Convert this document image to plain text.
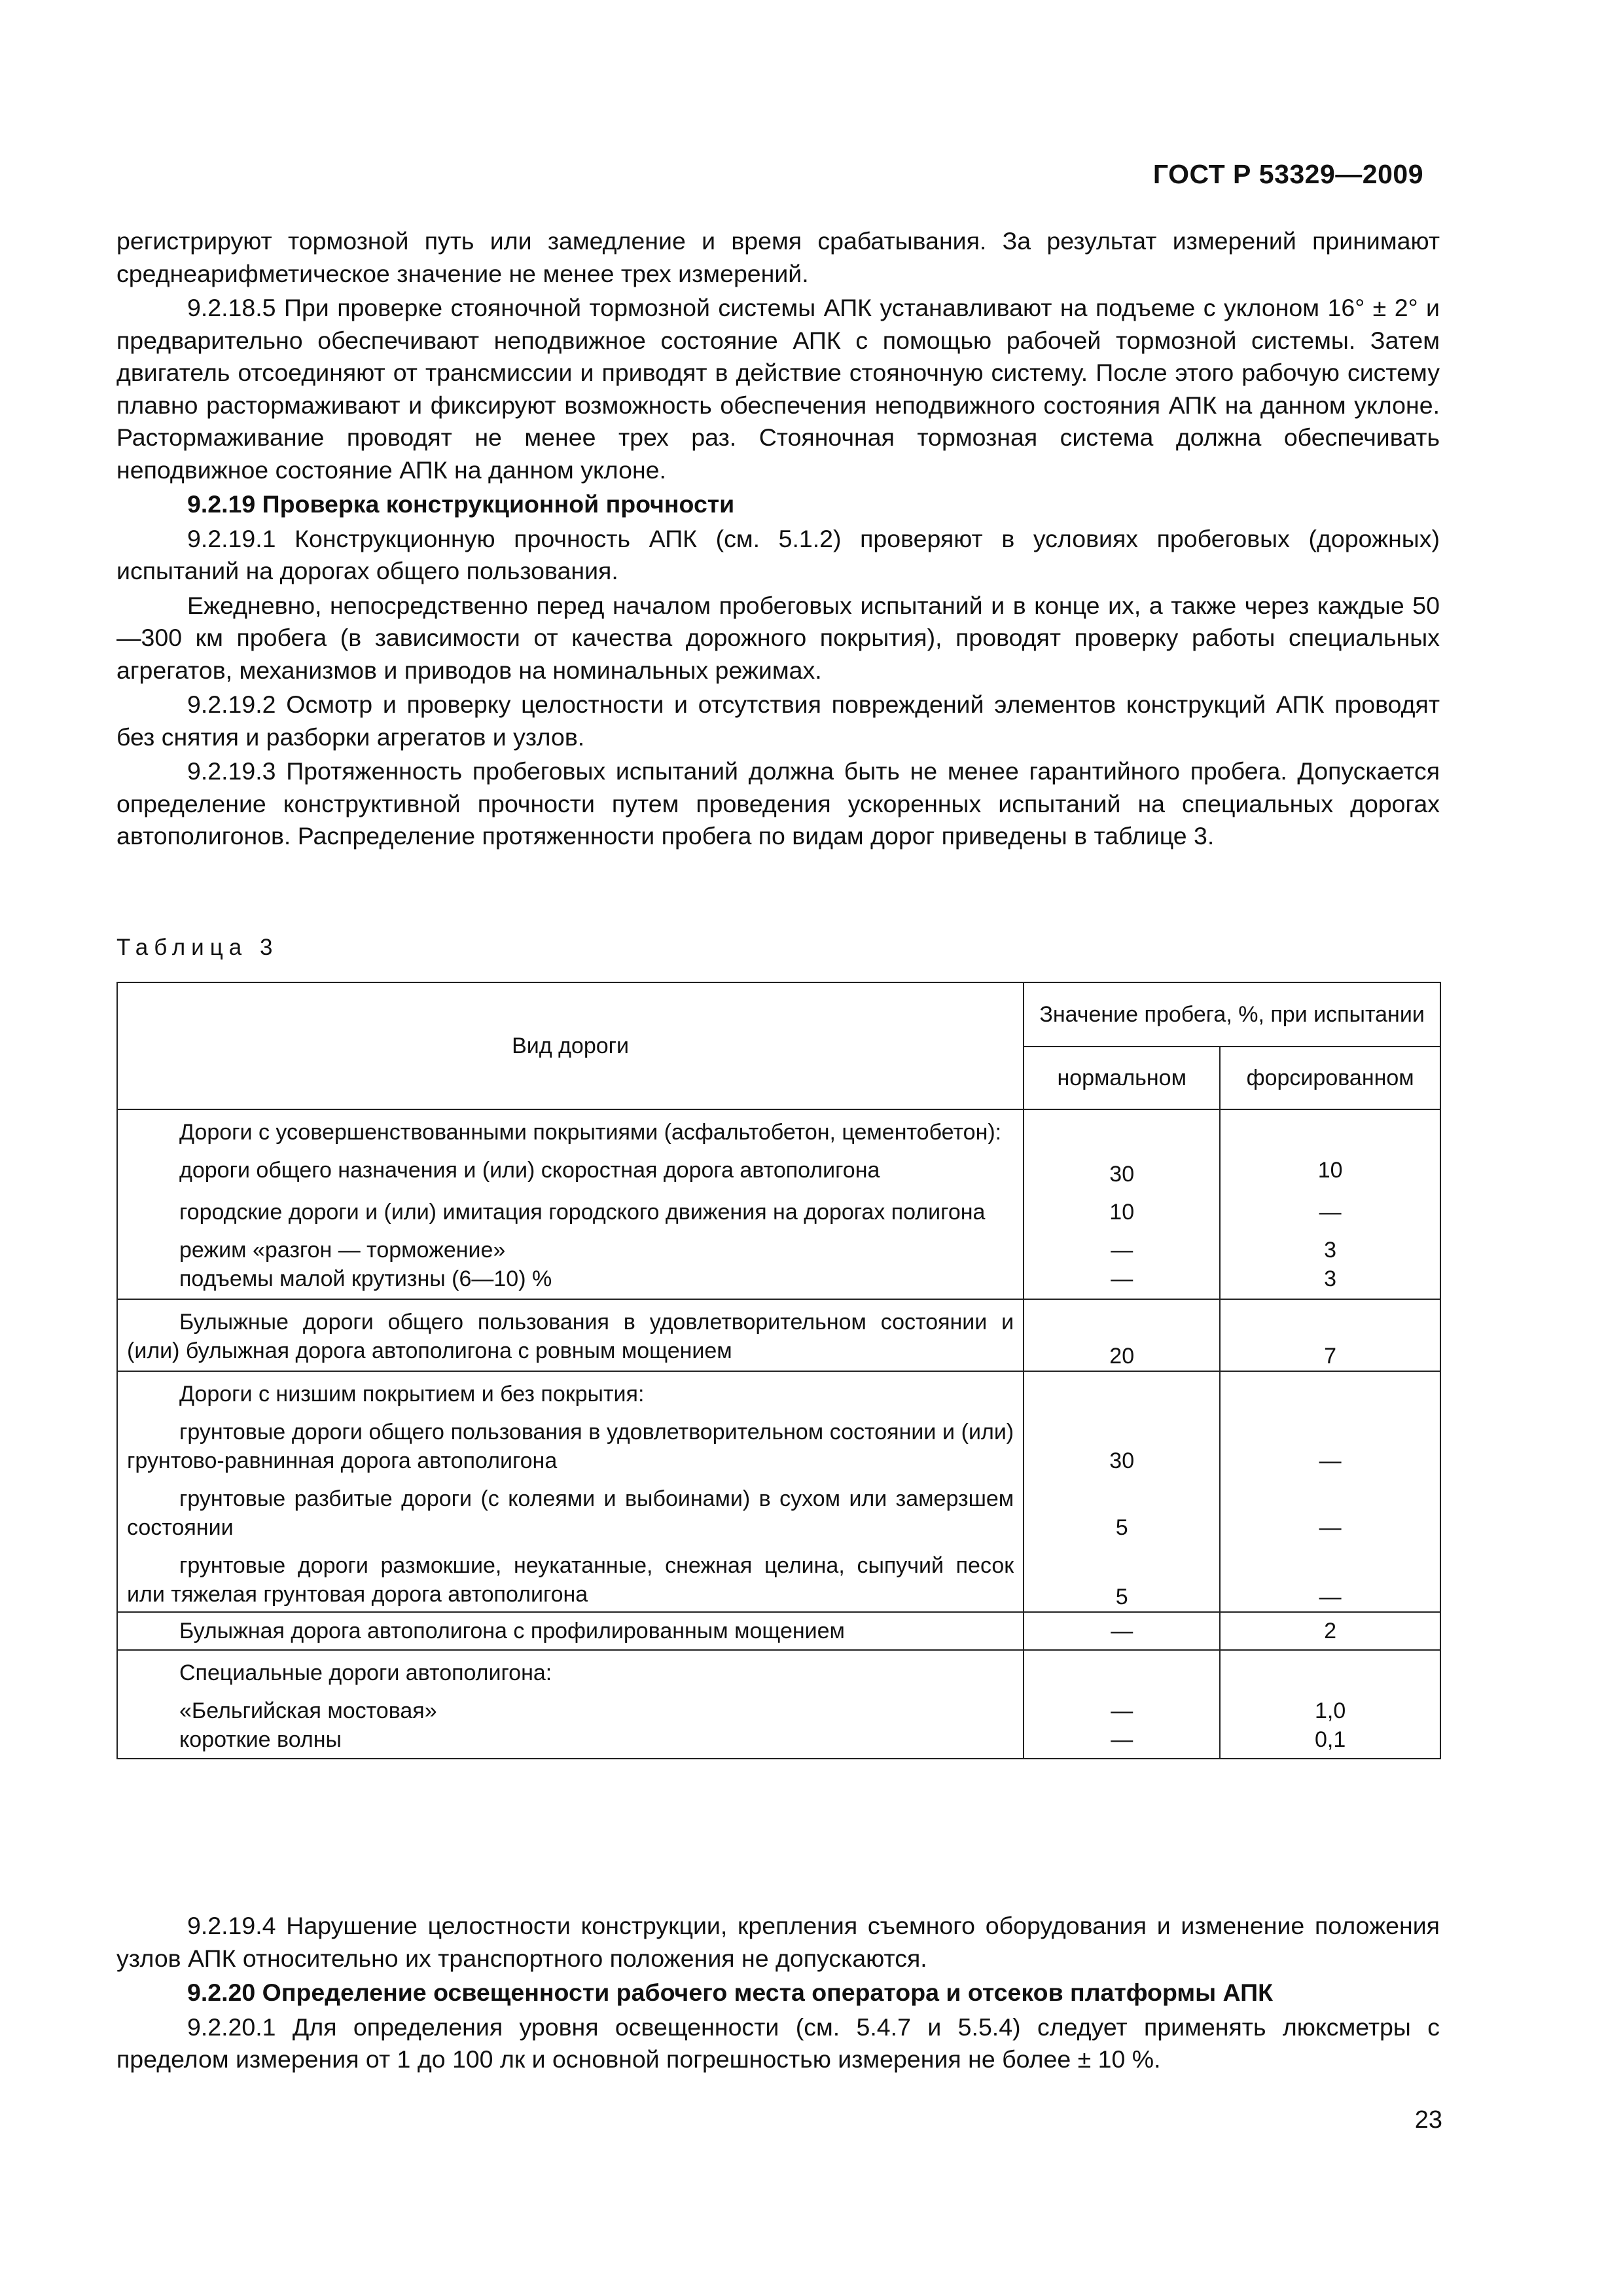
ГОСТ Р 53329—2009

регистрируют тормозной путь или замедление и время срабатывания. За результат измерений принимают среднеарифметическое значение не менее трех измерений.

9.2.18.5 При проверке стояночной тормозной системы АПК устанавливают на подъеме с уклоном 16° ± 2° и предварительно обеспечивают неподвижное состояние АПК с помощью рабочей тормозной системы. Затем двигатель отсоединяют от трансмиссии и приводят в действие стояночную систему. После этого рабочую систему плавно растормаживают и фиксируют возможность обеспечения неподвижного состояния АПК на данном уклоне. Растормаживание проводят не менее трех раз. Стояночная тормозная система должна обеспечивать неподвижное состояние АПК на данном уклоне.

9.2.19 Проверка конструкционной прочности

9.2.19.1 Конструкционную прочность АПК (см. 5.1.2) проверяют в условиях пробеговых (дорожных) испытаний на дорогах общего пользования.

Ежедневно, непосредственно перед началом пробеговых испытаний и в конце их, а также через каждые 50—300 км пробега (в зависимости от качества дорожного покрытия), проводят проверку работы специальных агрегатов, механизмов и приводов на номинальных режимах.

9.2.19.2 Осмотр и проверку целостности и отсутствия повреждений элементов конструкций АПК проводят без снятия и разборки агрегатов и узлов.

9.2.19.3 Протяженность пробеговых испытаний должна быть не менее гарантийного пробега. Допускается определение конструктивной прочности путем проведения ускоренных испытаний на специальных дорогах автополигонов. Распределение протяженности пробега по видам дорог приведены в таблице 3.

Таблица 3
Вид дороги	Значение пробега, %, при испытании	
	нормальном	форсированном

Дороги с усовершенствованными покрытиями (асфальтобетон, цементобетон):		

дороги общего назначения и (или) скоростная дорога автополигона	30	10

городские дороги и (или) имитация городского движения на дорогах полигона	10	—

режим «разгон — торможение»	—	3

подъемы малой крутизны (6—10) %	—	3

Булыжные дороги общего пользования в удовлетворительном состоянии и (или) булыжная дорога автополигона с ровным мощением	20	7

Дороги с низшим покрытием и без покрытия:		

грунтовые дороги общего пользования в удовлетворительном состоянии и (или) грунтово-равнинная дорога автополигона	30	—

грунтовые разбитые дороги (с колеями и выбоинами) в сухом или замерзшем состоянии	5	—

грунтовые дороги размокшие, неукатанные, снежная целина, сыпучий песок или тяжелая грунтовая дорога автополигона	5	—

Булыжная дорога автополигона с профилированным мощением	—	2

Специальные дороги автополигона:		

«Бельгийская мостовая»	—	1,0

короткие волны	—	0,1

9.2.19.4 Нарушение целостности конструкции, крепления съемного оборудования и изменение положения узлов АПК относительно их транспортного положения не допускаются.

9.2.20 Определение освещенности рабочего места оператора и отсеков платформы АПК

9.2.20.1 Для определения уровня освещенности (см. 5.4.7 и 5.5.4) следует применять люксметры с пределом измерения от 1 до 100 лк и основной погрешностью измерения не более ± 10 %.

23
